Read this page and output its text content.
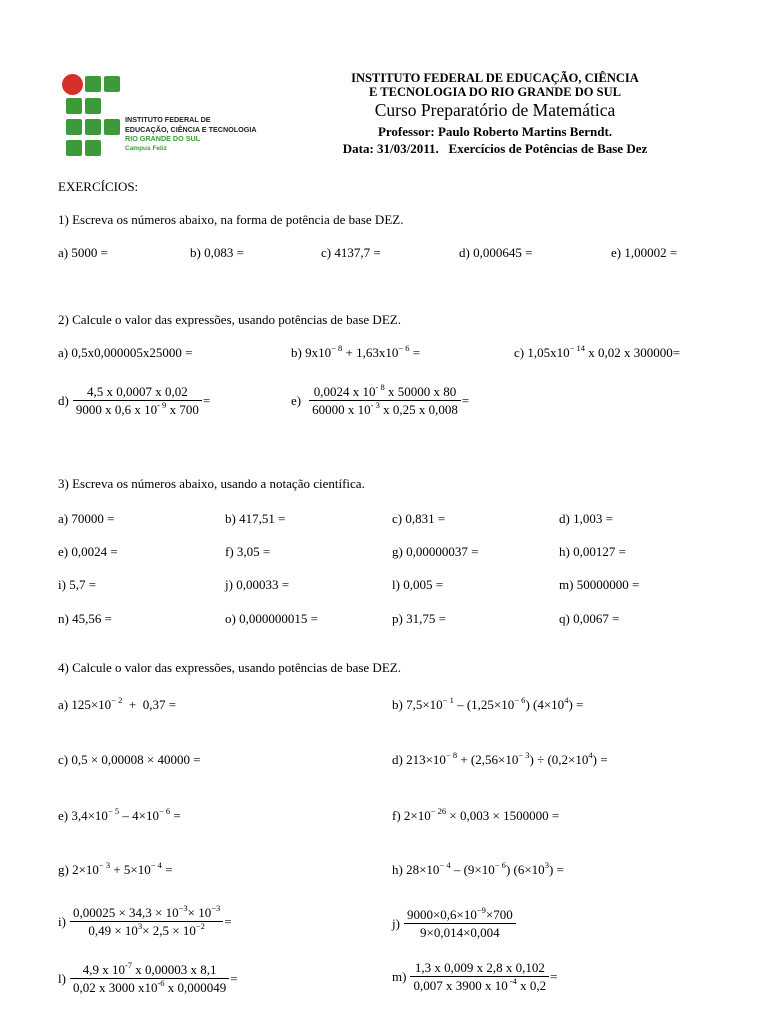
INSTITUTO FEDERAL DE
EDUCAÇÃO, CIÊNCIA E TECNOLOGIA
RIO GRANDE DO SUL
Campus Feliz
INSTITUTO FEDERAL DE EDUCAÇÃO, CIÊNCIA
E TECNOLOGIA DO RIO GRANDE DO SUL
Curso Preparatório de Matemática
Professor: Paulo Roberto Martins Berndt.
Data: 31/03/2011.   Exercícios de Potências de Base Dez
EXERCÍCIOS:
1) Escreva os números abaixo, na forma de potência de base DEZ.
a) 5000 =	b) 0,083 =	c) 4137,7 =	d) 0,000645 =	e) 1,00002 =
2) Calcule o valor das expressões, usando potências de base DEZ.
a) 0,5x0,000005x25000 =	b) $9x10^{- 8} + 1,63x10^{- 6}$ =	c) $1,05x10^{- 14}$ x 0,02 x 300000=
$d) \frac{4,5 x 0,0007 x 0,02}{9000 x 0,6 x 10^{- 9} x 700}$ =	$e) \frac{0,0024 x 10^{- 8} x 50000 x 80}{60000 x 10^{- 3} x 0,25 x 0,008}$ =
3) Escreva os números abaixo, usando a notação científica.
a) 70000 =	b) 417,51 =	c) 0,831 =	d) 1,003 =
e) 0,0024 =	f) 3,05 =	g) 0,00000037 =	h) 0,00127 =
i) 5,7 =	j) 0,00033 =	l) 0,005 =	m) 50000000 =
n) 45,56 =	o) 0,000000015 =	p) 31,75 =	q) 0,0067 =
4) Calcule o valor das expressões, usando potências de base DEZ.
a) $125\times 10^{- 2} + 0,37$ =	b) $7,5\times 10^{- 1} - (1,25\times 10^{- 6}) (4\times 10^4)$ =
c) 0,5 × 0,00008 × 40000 =	d) $213\times 10^{- 8} + (2,56\times 10^{- 3}) \div (0,2\times 10^4)$ =
e) $3,4\times 10^{- 5} - 4\times 10^{- 6}$ =	f) $2\times 10^{- 26} \times 0,003 \times 1500000$ =
g) $2\times 10^{- 3} + 5\times 10^{- 4}$ =	h) $28\times 10^{- 4} - (9\times 10^{- 6}) (6\times 10^3)$ =
$i) \frac{0,00025 \times 34,3 \times 10^{-3}\times 10^{-3}}{0,49 \times 10^3\times 2,5 \times 10^{-2}}$ =	$j) \frac{9000\times 0,6\times 10^{-9}\times 700}{9\times 0,014\times 0,004}$
$l) \frac{4,9 x 10^{-7} x 0,00003 x 8,1}{0,02 x 3000 x10^{-6} x 0,000049}$ =	$m) \frac{1,3 x 0,009 x 2,8 x 0,102}{0,007 x 3900 x 10 ^{-4} x 0,2}$ =
